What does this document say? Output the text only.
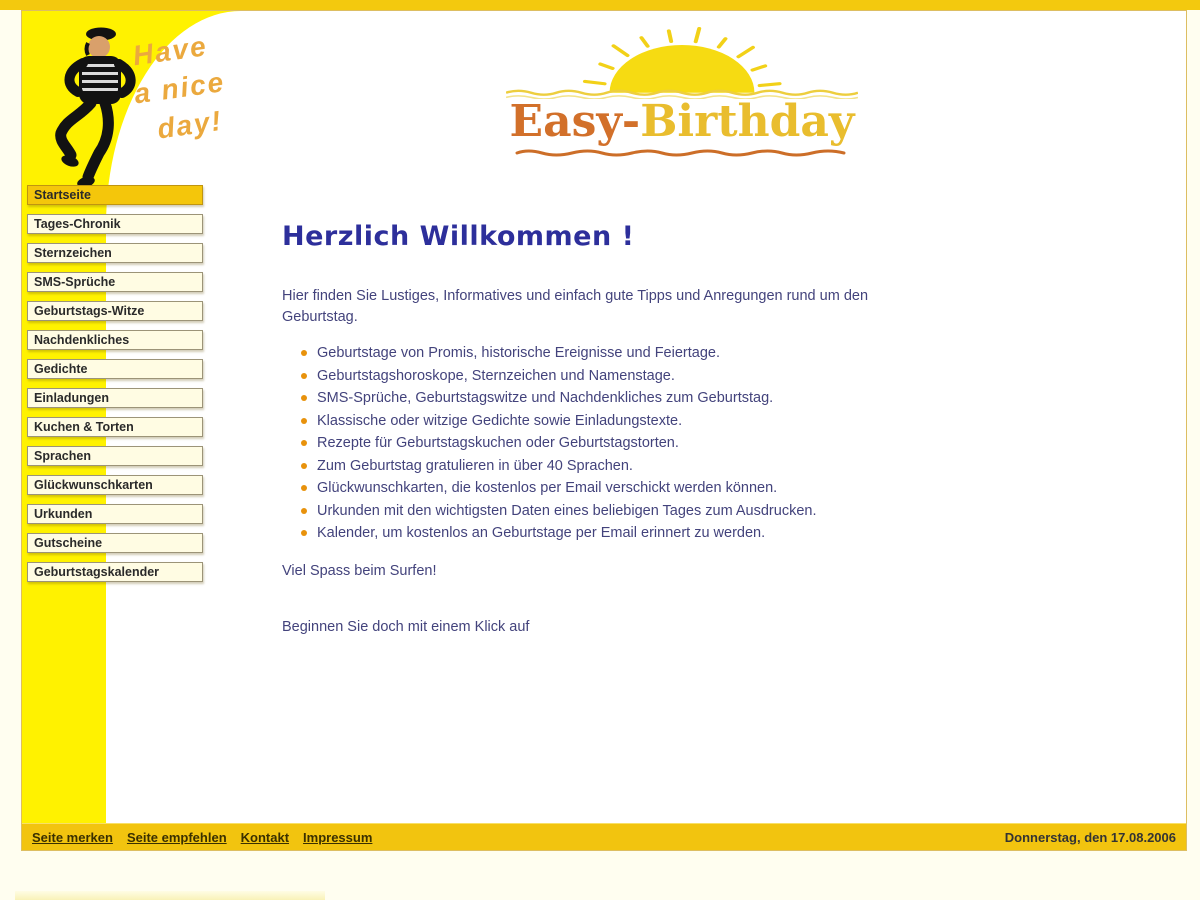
Have
a nice
day!	Easy-Birthday
Startseite
Tages-Chronik
Sternzeichen
SMS-Sprüche
Geburtstags-Witze
Nachdenkliches
Gedichte
Einladungen
Kuchen & Torten
Sprachen
Glückwunschkarten
Urkunden
Gutscheine
Geburtstagskalender
Herzlich Willkommen !

Hier finden Sie Lustiges, Informatives und einfach gute Tipps und Anregungen rund um den Geburtstag.

Geburtstage von Promis, historische Ereignisse und Feiertage.
Geburtstagshoroskope, Sternzeichen und Namenstage.
SMS-Sprüche, Geburtstagswitze und Nachdenkliches zum Geburtstag.
Klassische oder witzige Gedichte sowie Einladungstexte.
Rezepte für Geburtstagskuchen oder Geburtstagstorten.
Zum Geburtstag gratulieren in über 40 Sprachen.
Glückwunschkarten, die kostenlos per Email verschickt werden können.
Urkunden mit den wichtigsten Daten eines beliebigen Tages zum Ausdrucken.
Kalender, um kostenlos an Geburtstage per Email erinnert zu werden.

Viel Spass beim Surfen!

Beginnen Sie doch mit einem Klick auf

Seite merken Seite empfehlen Kontakt Impressum	Donnerstag, den 17.08.2006
